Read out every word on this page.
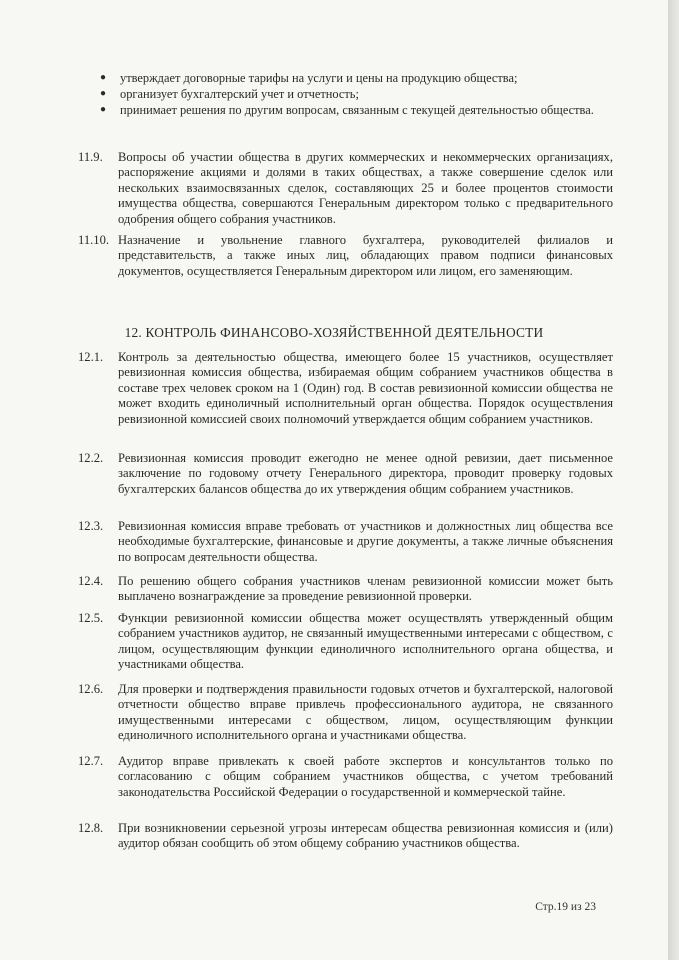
●	утверждает договорные тарифы на услуги и цены на продукцию общества;
●	организует бухгалтерский учет и отчетность;
●	принимает решения по другим вопросам, связанным с текущей деятельностью общества.
11.9.	Вопросы об участии общества в других коммерческих и некоммерческих организациях, распоряжение акциями и долями в таких обществах, а также совершение сделок или нескольких взаимосвязанных сделок, составляющих 25 и более процентов стоимости имущества общества, совершаются Генеральным директором только с предварительного одобрения общего собрания участников.
11.10. Назначение и увольнение главного бухгалтера, руководителей филиалов и представительств, а также иных лиц, обладающих правом подписи финансовых документов, осуществляется Генеральным директором или лицом, его заменяющим.
12. КОНТРОЛЬ ФИНАНСОВО-ХОЗЯЙСТВЕННОЙ ДЕЯТЕЛЬНОСТИ
12.1.	Контроль за деятельностью общества, имеющего более 15 участников, осуществляет ревизионная комиссия общества, избираемая общим собранием участников общества в составе трех человек сроком на 1 (Один) год. В состав ревизионной комиссии общества не может входить единоличный исполнительный орган общества. Порядок осуществления ревизионной комиссией своих полномочий утверждается общим собранием участников.
12.2.	Ревизионная комиссия проводит ежегодно не менее одной ревизии, дает письменное заключение по годовому отчету Генерального директора, проводит проверку годовых бухгалтерских балансов общества до их утверждения общим собранием участников.
12.3.	Ревизионная комиссия вправе требовать от участников и должностных лиц общества все необходимые бухгалтерские, финансовые и другие документы, а также личные объяснения по вопросам деятельности общества.
12.4.	По решению общего собрания участников членам ревизионной комиссии может быть выплачено вознаграждение за проведение ревизионной проверки.
12.5.	Функции ревизионной комиссии общества может осуществлять утвержденный общим собранием участников аудитор, не связанный имущественными интересами с обществом, с лицом, осуществляющим функции единоличного исполнительного органа общества, и участниками общества.
12.6.	Для проверки и подтверждения правильности годовых отчетов и бухгалтерской, налоговой отчетности общество вправе привлечь профессионального аудитора, не связанного имущественными интересами с обществом, лицом, осуществляющим функции единоличного исполнительного органа и участниками общества.
12.7.	Аудитор вправе привлекать к своей работе экспертов и консультантов только по согласованию с общим собранием участников общества, с учетом требований законодательства Российской Федерации о государственной и коммерческой тайне.
12.8.	При возникновении серьезной угрозы интересам общества ревизионная комиссия и (или) аудитор обязан сообщить об этом общему собранию участников общества.
Стр.19 из 23
